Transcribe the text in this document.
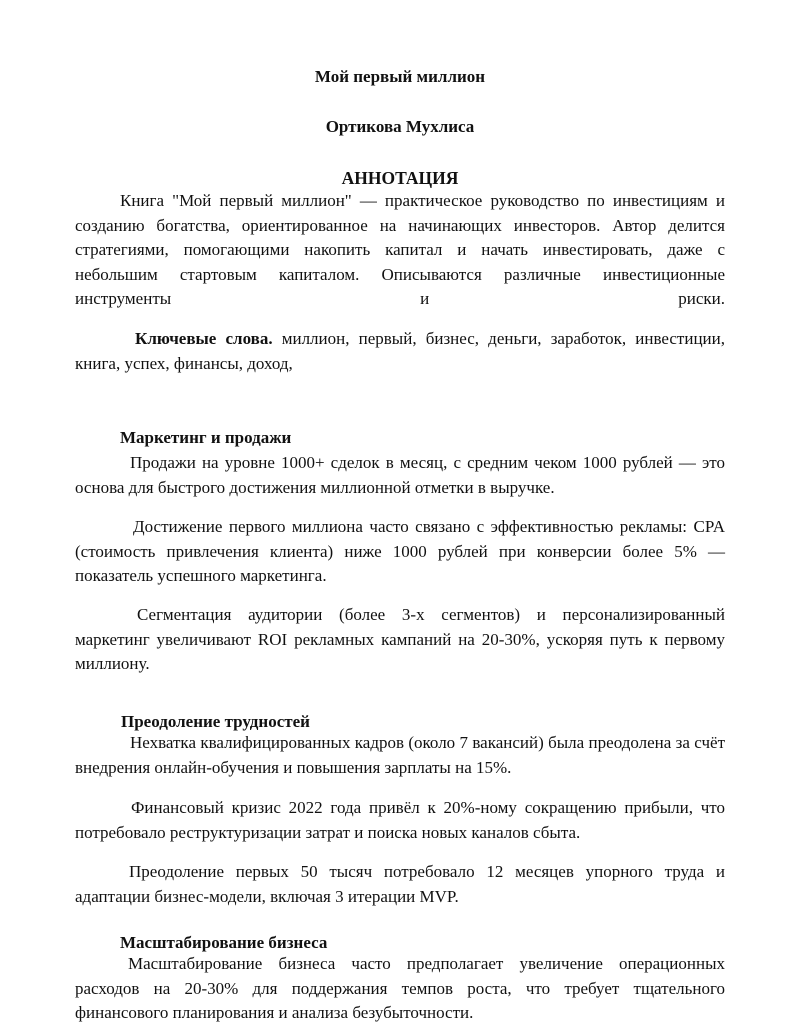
Мой первый миллион
Ортикова Мухлиса
АННОТАЦИЯ
Книга "Мой первый миллион" — практическое руководство по инвестициям и созданию богатства, ориентированное на начинающих инвесторов. Автор делится стратегиями, помогающими накопить капитал и начать инвестировать, даже с небольшим стартовым капиталом. Описываются различные инвестиционные инструменты и риски.
Ключевые слова. миллион, первый, бизнес, деньги, заработок, инвестиции, книга, успех, финансы, доход,
Маркетинг и продажи
Продажи на уровне 1000+ сделок в месяц, с средним чеком 1000 рублей — это основа для быстрого достижения миллионной отметки в выручке.
Достижение первого миллиона часто связано с эффективностью рекламы: CPA (стоимость привлечения клиента) ниже 1000 рублей при конверсии более 5% — показатель успешного маркетинга.
Сегментация аудитории (более 3-х сегментов) и персонализированный маркетинг увеличивают ROI рекламных кампаний на 20-30%, ускоряя путь к первому миллиону.
Преодоление трудностей
Нехватка квалифицированных кадров (около 7 вакансий) была преодолена за счёт внедрения онлайн-обучения и повышения зарплаты на 15%.
Финансовый кризис 2022 года привёл к 20%-ному сокращению прибыли, что потребовало реструктуризации затрат и поиска новых каналов сбыта.
Преодоление первых 50 тысяч потребовало 12 месяцев упорного труда и адаптации бизнес-модели, включая 3 итерации MVP.
Масштабирование бизнеса
Масштабирование бизнеса часто предполагает увеличение операционных расходов на 20-30% для поддержания темпов роста, что требует тщательного финансового планирования и анализа безубыточности.
